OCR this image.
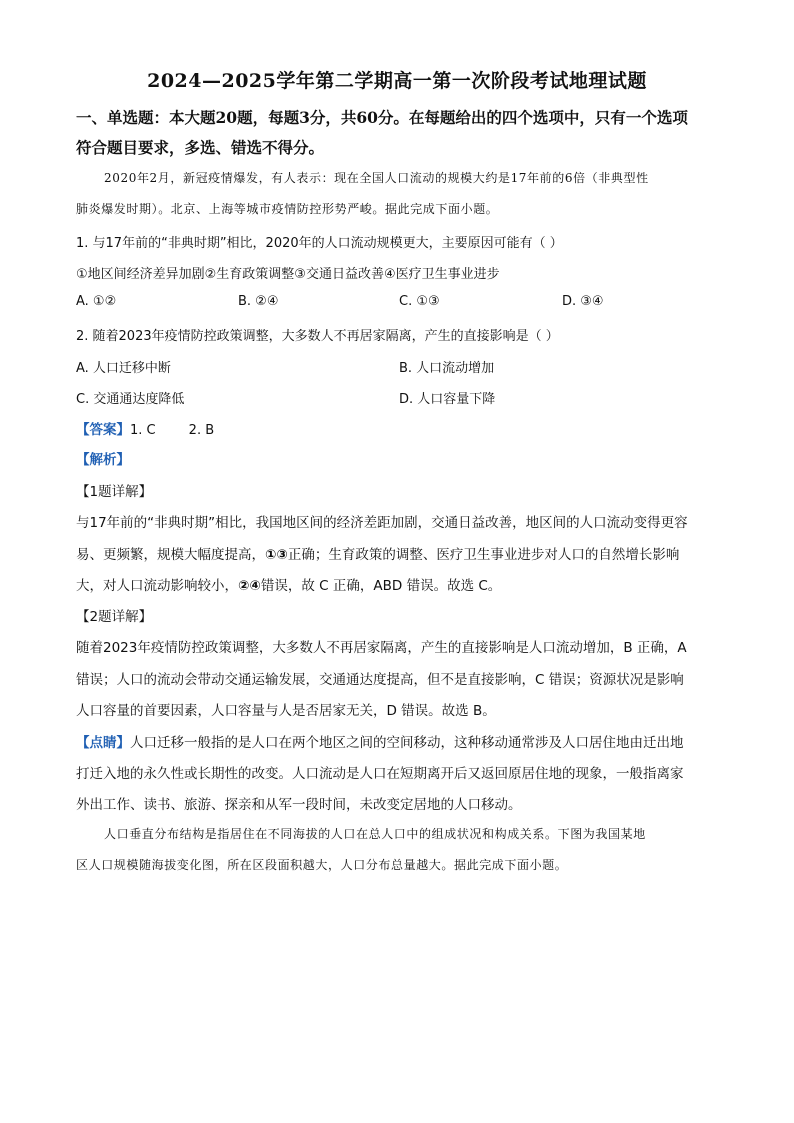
2024—2025学年第二学期高一第一次阶段考试地理试题
一、单选题：本大题20题，每题3分，共60分。在每题给出的四个选项中，只有一个选项
符合题目要求，多选、错选不得分。
2020年2月，新冠疫情爆发，有人表示：现在全国人口流动的规模大约是17年前的6倍（非典型性
肺炎爆发时期）。北京、上海等城市疫情防控形势严峻。据此完成下面小题。
1. 与17年前的“非典时期”相比，2020年的人口流动规模更大，主要原因可能有（ ）
①地区间经济差异加剧②生育政策调整③交通日益改善④医疗卫生事业进步
A. ①②	B. ②④	C. ①③	D. ③④
2. 随着2023年疫情防控政策调整，大多数人不再居家隔离，产生的直接影响是（ ）
A. 人口迁移中断	B. 人口流动增加
C. 交通通达度降低	D. 人口容量下降
【答案】1. C        2. B
【解析】
【1题详解】
与17年前的“非典时期”相比，我国地区间的经济差距加剧，交通日益改善，地区间的人口流动变得更容
易、更频繁，规模大幅度提高，①③正确；生育政策的调整、医疗卫生事业进步对人口的自然增长影响
大，对人口流动影响较小，②④错误，故 C 正确，ABD 错误。故选 C。
【2题详解】
随着2023年疫情防控政策调整，大多数人不再居家隔离，产生的直接影响是人口流动增加，B 正确，A
错误；人口的流动会带动交通运输发展，交通通达度提高，但不是直接影响，C 错误；资源状况是影响
人口容量的首要因素，人口容量与人是否居家无关，D 错误。故选 B。
【点睛】人口迁移一般指的是人口在两个地区之间的空间移动，这种移动通常涉及人口居住地由迁出地
打迁入地的永久性或长期性的改变。人口流动是人口在短期离开后又返回原居住地的现象，一般指离家
外出工作、读书、旅游、探亲和从军一段时间，未改变定居地的人口移动。
人口垂直分布结构是指居住在不同海拔的人口在总人口中的组成状况和构成关系。下图为我国某地
区人口规模随海拔变化图，所在区段面积越大，人口分布总量越大。据此完成下面小题。
